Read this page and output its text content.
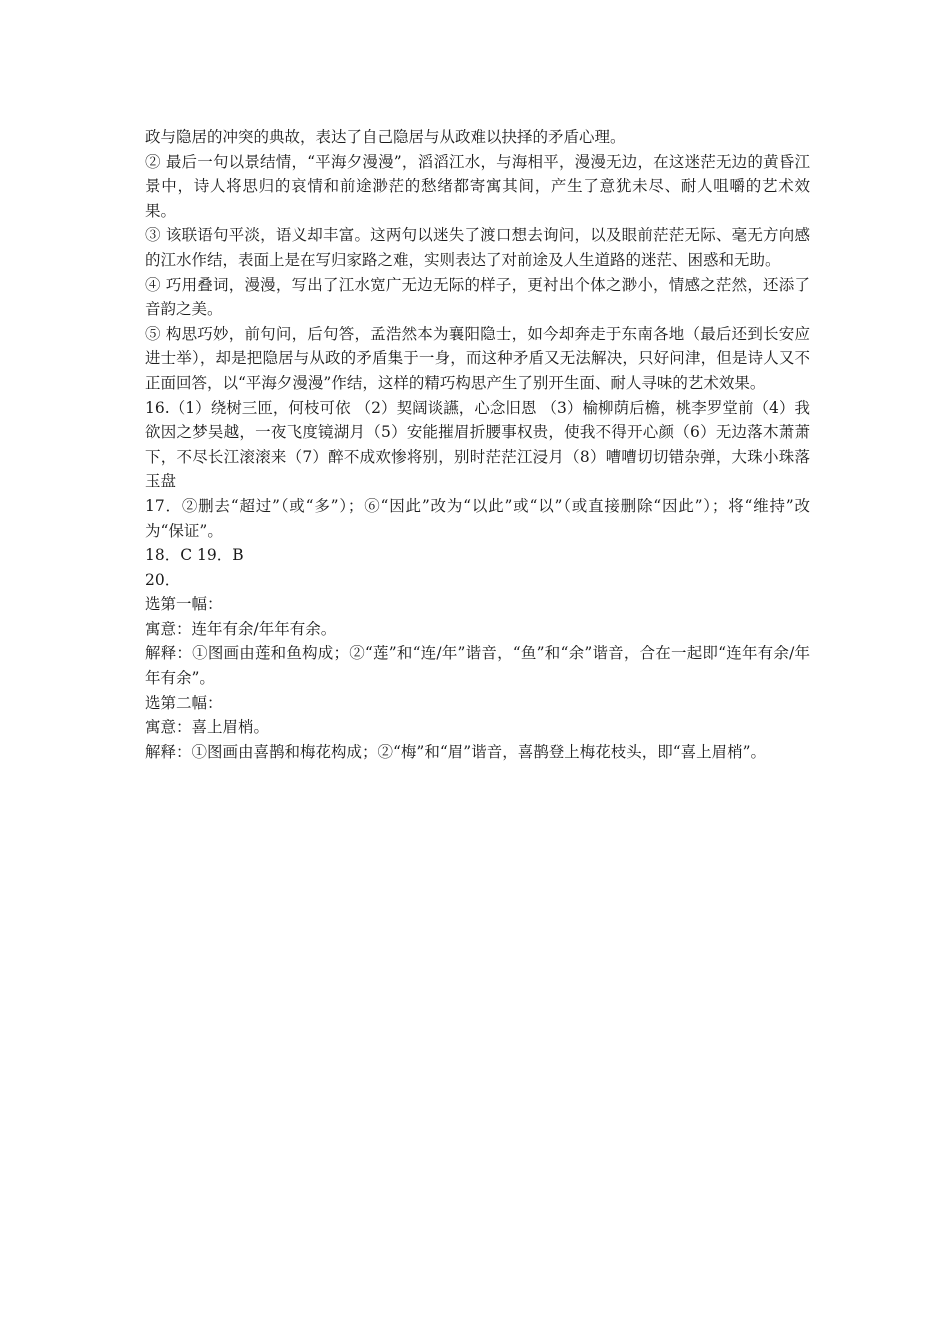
政与隐居的冲突的典故，表达了自己隐居与从政难以抉择的矛盾心理。

② 最后一句以景结情，“平海夕漫漫”，滔滔江水，与海相平，漫漫无边，在这迷茫无边的黄昏江景中，诗人将思归的哀情和前途渺茫的愁绪都寄寓其间，产生了意犹未尽、耐人咀嚼的艺术效果。

③ 该联语句平淡，语义却丰富。这两句以迷失了渡口想去询问，以及眼前茫茫无际、毫无方向感的江水作结，表面上是在写归家路之难，实则表达了对前途及人生道路的迷茫、困惑和无助。

④ 巧用叠词，漫漫，写出了江水宽广无边无际的样子，更衬出个体之渺小，情感之茫然，还添了音韵之美。

⑤ 构思巧妙，前句问，后句答，孟浩然本为襄阳隐士，如今却奔走于东南各地（最后还到长安应进士举），却是把隐居与从政的矛盾集于一身，而这种矛盾又无法解决，只好问津，但是诗人又不正面回答，以“平海夕漫漫”作结，这样的精巧构思产生了别开生面、耐人寻味的艺术效果。

16.（1）绕树三匝，何枝可依 （2）契阔谈讌，心念旧恩 （3）榆柳荫后檐，桃李罗堂前（4）我欲因之梦吴越，一夜飞度镜湖月（5）安能摧眉折腰事权贵，使我不得开心颜（6）无边落木萧萧下，不尽长江滚滚来（7）醉不成欢惨将别，别时茫茫江浸月（8）嘈嘈切切错杂弹，大珠小珠落玉盘

17．②删去“超过”（或“多”）；⑥“因此”改为“以此”或“以”（或直接删除“因此”）；将“维持”改为“保证”。

18．C 19．B

20．

选第一幅：

寓意：连年有余/年年有余。

解释：①图画由莲和鱼构成；②“莲”和“连/年”谐音，“鱼”和“余”谐音，合在一起即“连年有余/年年有余”。

选第二幅：

寓意：喜上眉梢。

解释：①图画由喜鹊和梅花构成；②“梅”和“眉”谐音，喜鹊登上梅花枝头，即“喜上眉梢”。
